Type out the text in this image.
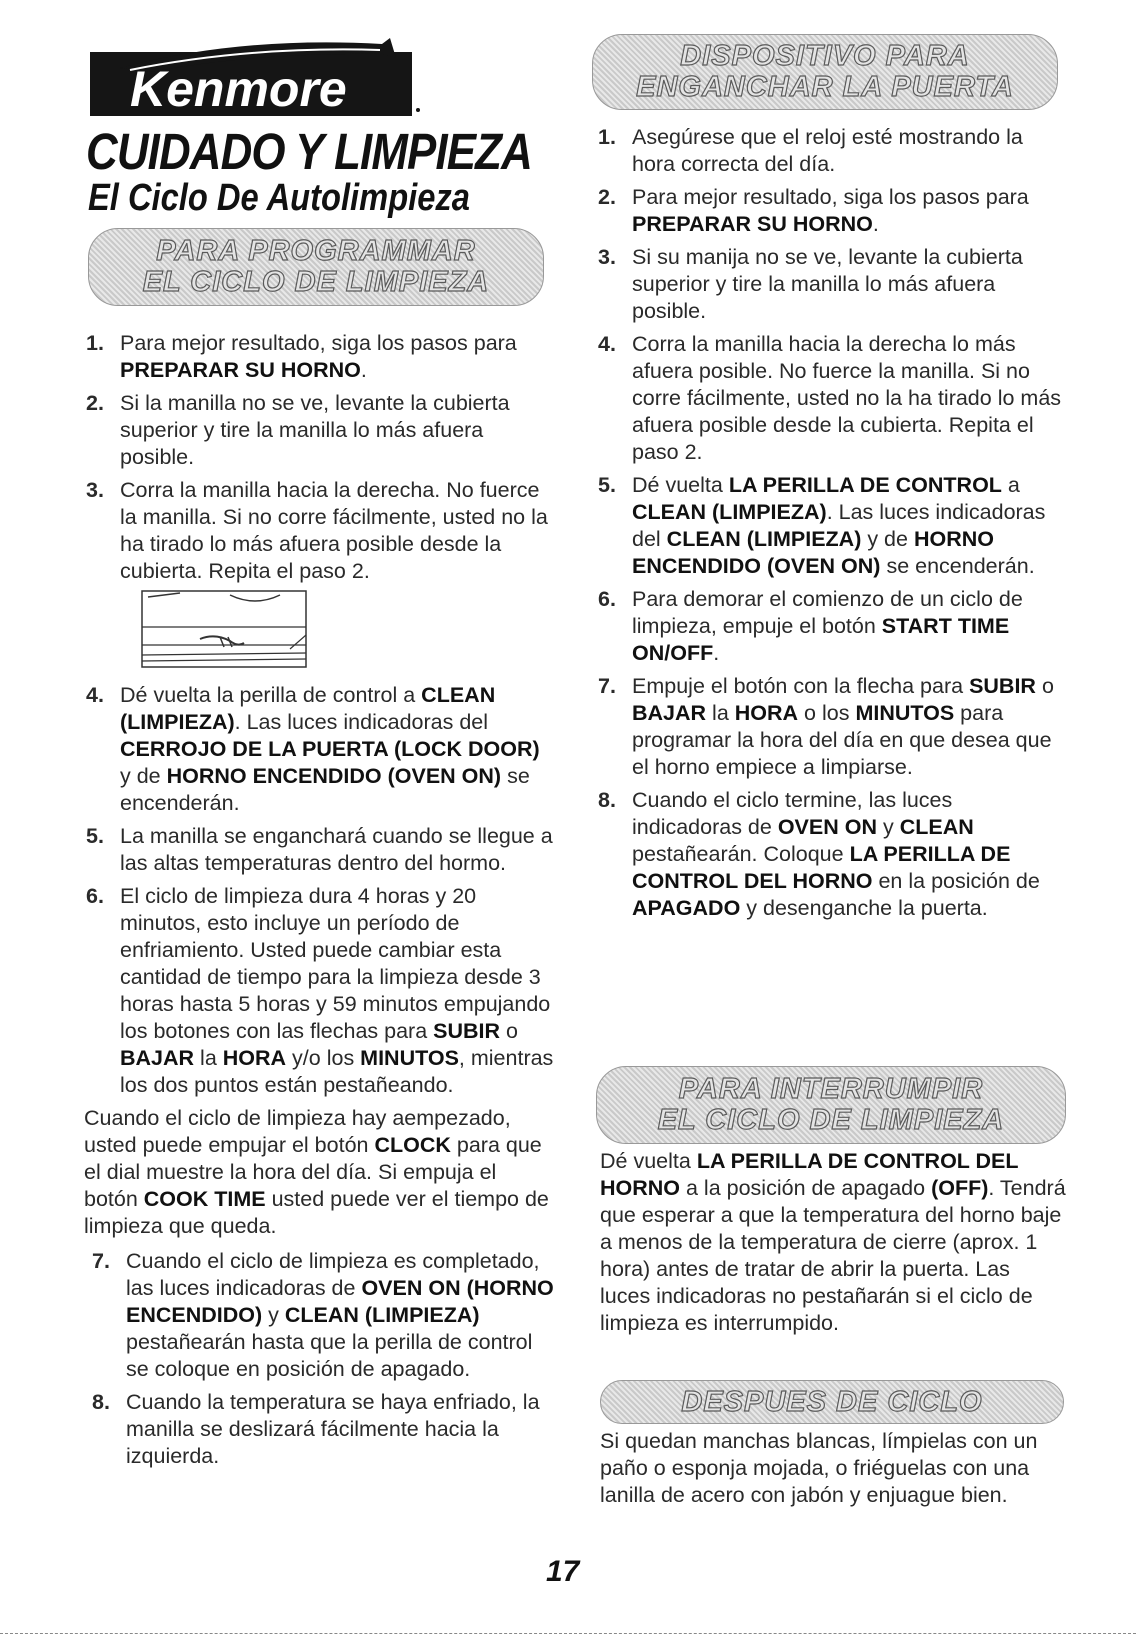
Kenmore
CUIDADO Y LIMPIEZA
El Ciclo De Autolimpieza
PARA PROGRAMMAR
EL CICLO DE LIMPIEZA
1. Para mejor resultado, siga los pasos para PREPARAR SU HORNO.
2. Si la manilla no se ve, levante la cubierta superior y tire la manilla lo más afuera posible.
3. Corra la manilla hacia la derecha. No fuerce la manilla. Si no corre fácilmente, usted no la ha tirado lo más afuera posible desde la cubierta. Repita el paso 2.
4. Dé vuelta la perilla de control a CLEAN (LIMPIEZA). Las luces indicadoras del CERROJO DE LA PUERTA (LOCK DOOR) y de HORNO ENCENDIDO (OVEN ON) se encenderán.
5. La manilla se enganchará cuando se llegue a las altas temperaturas dentro del hormo.
6. El ciclo de limpieza dura 4 horas y 20 minutos, esto incluye un período de enfriamiento. Usted puede cambiar esta cantidad de tiempo para la limpieza desde 3 horas hasta 5 horas y 59 minutos empujando los botones con las flechas para SUBIR o BAJAR la HORA y/o los MINUTOS, mientras los dos puntos están pestañeando.
Cuando el ciclo de limpieza hay aempezado, usted puede empujar el botón CLOCK para que el dial muestre la hora del día. Si empuja el botón COOK TIME usted puede ver el tiempo de limpieza que queda.
7. Cuando el ciclo de limpieza es completado, las luces indicadoras de OVEN ON (HORNO ENCENDIDO) y CLEAN (LIMPIEZA) pestañearán hasta que la perilla de control se coloque en posición de apagado.
8. Cuando la temperatura se haya enfriado, la manilla se deslizará fácilmente hacia la izquierda.
DISPOSITIVO PARA
ENGANCHAR LA PUERTA
1. Asegúrese que el reloj esté mostrando la hora correcta del día.
2. Para mejor resultado, siga los pasos para PREPARAR SU HORNO.
3. Si su manija no se ve, levante la cubierta superior y tire la manilla lo más afuera posible.
4. Corra la manilla hacia la derecha lo más afuera posible. No fuerce la manilla. Si no corre fácilmente, usted no la ha tirado lo más afuera posible desde la cubierta. Repita el paso 2.
5. Dé vuelta LA PERILLA DE CONTROL a CLEAN (LIMPIEZA). Las luces indicadoras del CLEAN (LIMPIEZA) y de HORNO ENCENDIDO (OVEN ON) se encenderán.
6. Para demorar el comienzo de un ciclo de limpieza, empuje el botón START TIME ON/OFF.
7. Empuje el botón con la flecha para SUBIR o BAJAR la HORA o los MINUTOS para programar la hora del día en que desea que el horno empiece a limpiarse.
8. Cuando el ciclo termine, las luces indicadoras de OVEN ON y CLEAN pestañearán. Coloque LA PERILLA DE CONTROL DEL HORNO en la posición de APAGADO y desenganche la puerta.
PARA INTERRUMPIR
EL CICLO DE LIMPIEZA
Dé vuelta LA PERILLA DE CONTROL DEL HORNO a la posición de apagado (OFF). Tendrá que esperar a que la temperatura del horno baje a menos de la temperatura de cierre (aprox. 1 hora) antes de tratar de abrir la puerta. Las luces indicadoras no pestañarán si el ciclo de limpieza es interrumpido.
DESPUES DE CICLO
Si quedan manchas blancas, límpielas con un paño o esponja mojada, o friéguelas con una lanilla de acero con jabón y enjuague bien.
17
